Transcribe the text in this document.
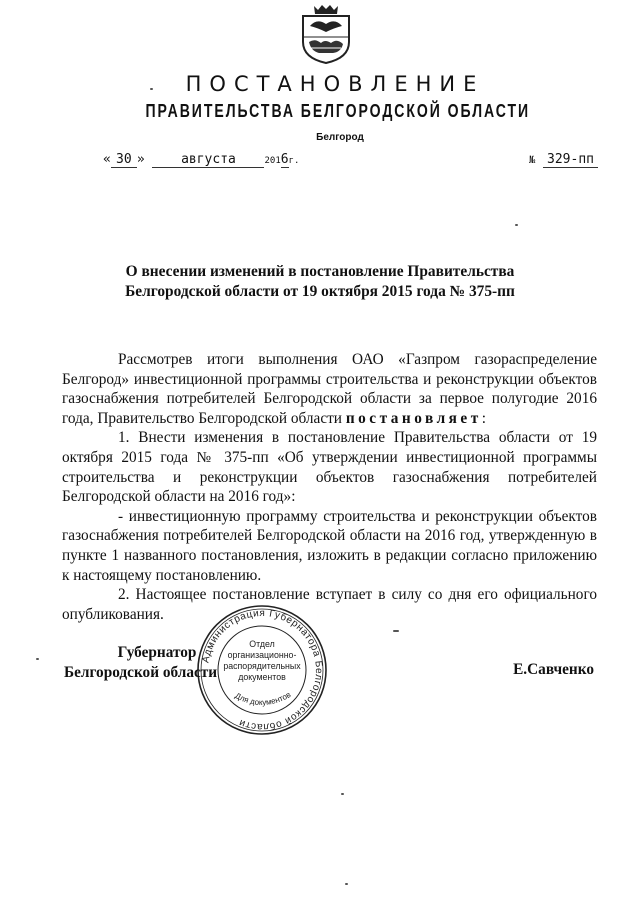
ПОСТАНОВЛЕНИЕ
ПРАВИТЕЛЬСТВА БЕЛГОРОДСКОЙ ОБЛАСТИ
Белгород
« 30 »	августа	2016г.	№ 329-пп
О внесении изменений в постановление Правительства
Белгородской области от 19 октября 2015 года № 375-пп

Рассмотрев итоги выполнения ОАО «Газпром газораспределение Белгород» инвестиционной программы строительства и реконструкции объектов газоснабжения потребителей Белгородской области за первое полугодие 2016 года, Правительство Белгородской области постановляет:

1. Внести изменения в постановление Правительства области от 19 октября 2015 года № 375-пп «Об утверждении инвестиционной программы строительства и реконструкции объектов газоснабжения потребителей Белгородской области на 2016 год»:

- инвестиционную программу строительства и реконструкции объектов газоснабжения потребителей Белгородской области на 2016 год, утвержденную в пункте 1 названного постановления, изложить в редакции согласно приложению к настоящему постановлению.

2. Настоящее постановление вступает в силу со дня его официального опубликования.

Администрация Губернатора Белгородской области
Для документов
Отдел
организационно-
распорядительных
документов
Губернатор
Белгородской области	Е.Савченко
